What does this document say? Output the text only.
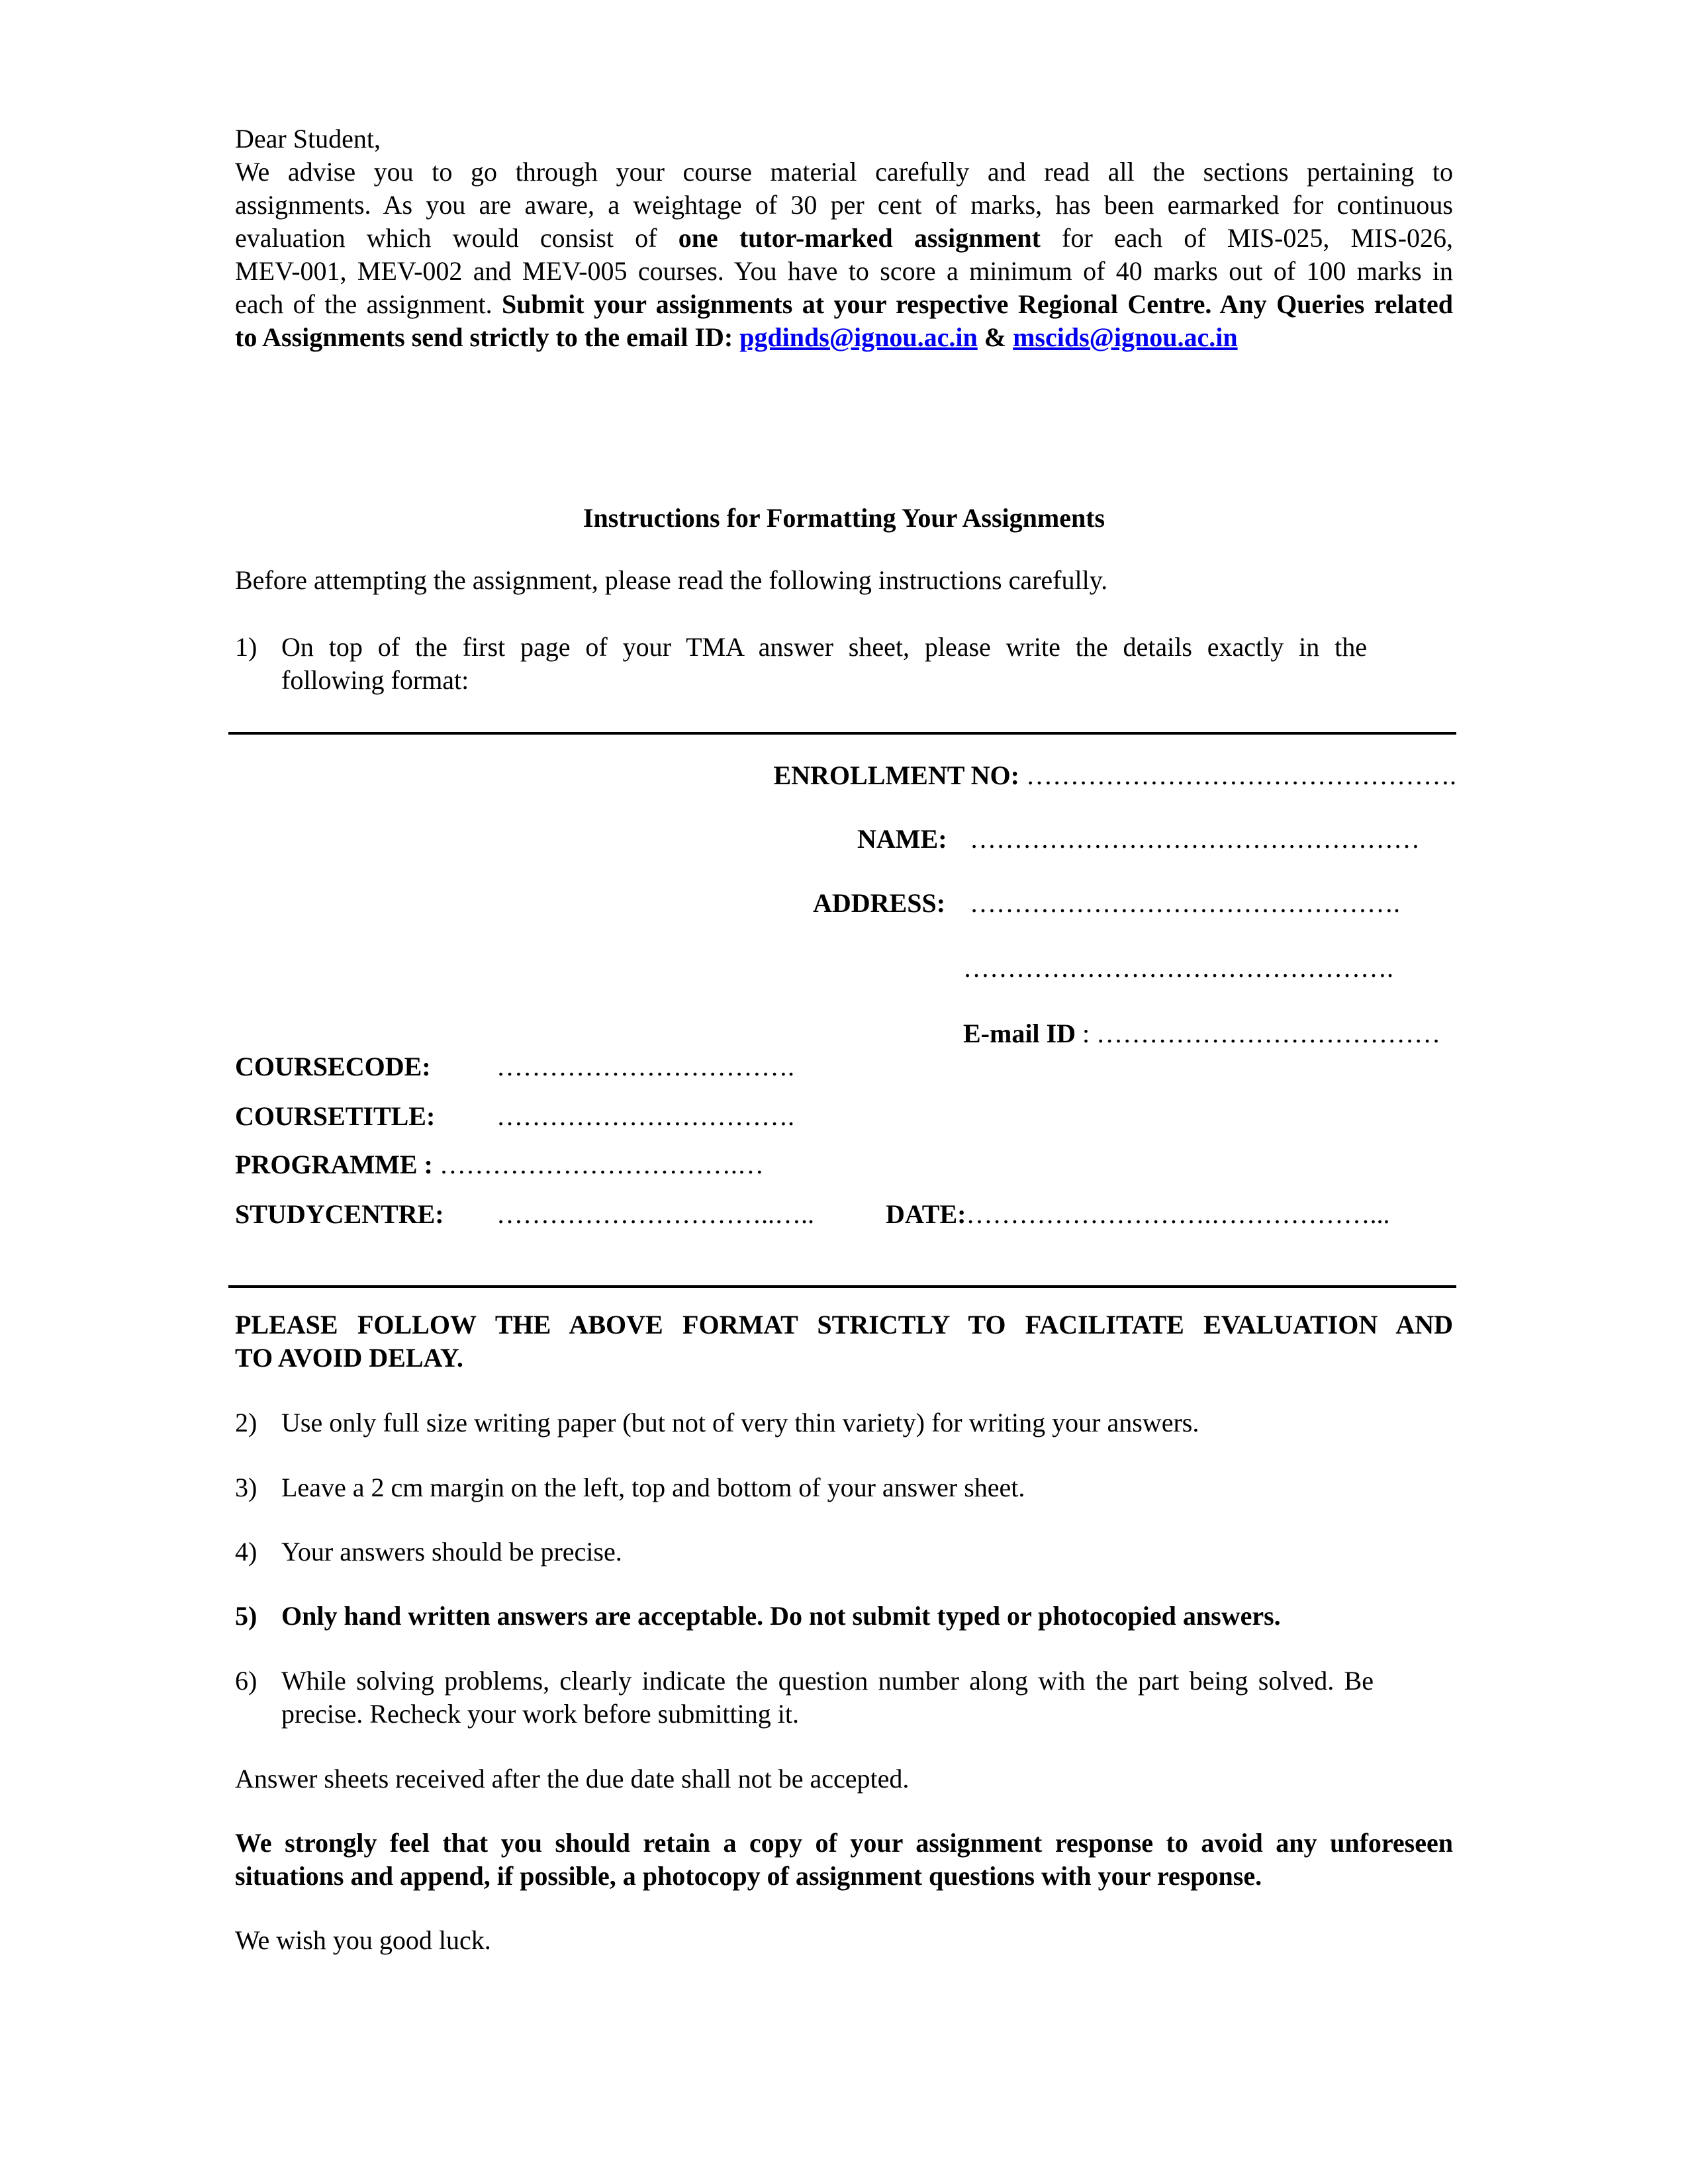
Dear Student,
We advise you to go through your course material carefully and read all the sections pertaining to
assignments. As you are aware, a weightage of 30 per cent of marks, has been earmarked for continuous
evaluation which would consist of one tutor-marked assignment for each of MIS-025, MIS-026,
MEV-001, MEV-002 and MEV-005 courses. You have to score a minimum of 40 marks out of 100 marks in
each of the assignment. Submit your assignments at your respective Regional Centre. Any Queries related
to Assignments send strictly to the email ID: pgdinds@ignou.ac.in & mscids@ignou.ac.in
Instructions for Formatting Your Assignments
Before attempting the assignment, please read the following instructions carefully.
1) On top of the first page of your TMA answer sheet, please write the details exactly in the
following format:
ENROLLMENT NO: ………………………………………….
NAME: ……………………………………………
ADDRESS: ………………………………………….
………………………………………….
E-mail ID : …………………………………
COURSECODE: …………………………….
COURSETITLE: …………………………….
PROGRAMME : …………………………….…
STUDYCENTRE: …………………………..…..	DATE:……………………….………………...
PLEASE FOLLOW THE ABOVE FORMAT STRICTLY TO FACILITATE EVALUATION AND
TO AVOID DELAY.
2) Use only full size writing paper (but not of very thin variety) for writing your answers.
3) Leave a 2 cm margin on the left, top and bottom of your answer sheet.
4) Your answers should be precise.
5) Only hand written answers are acceptable. Do not submit typed or photocopied answers.
6) While solving problems, clearly indicate the question number along with the part being solved. Be
precise. Recheck your work before submitting it.
Answer sheets received after the due date shall not be accepted.
We strongly feel that you should retain a copy of your assignment response to avoid any unforeseen
situations and append, if possible, a photocopy of assignment questions with your response.
We wish you good luck.
